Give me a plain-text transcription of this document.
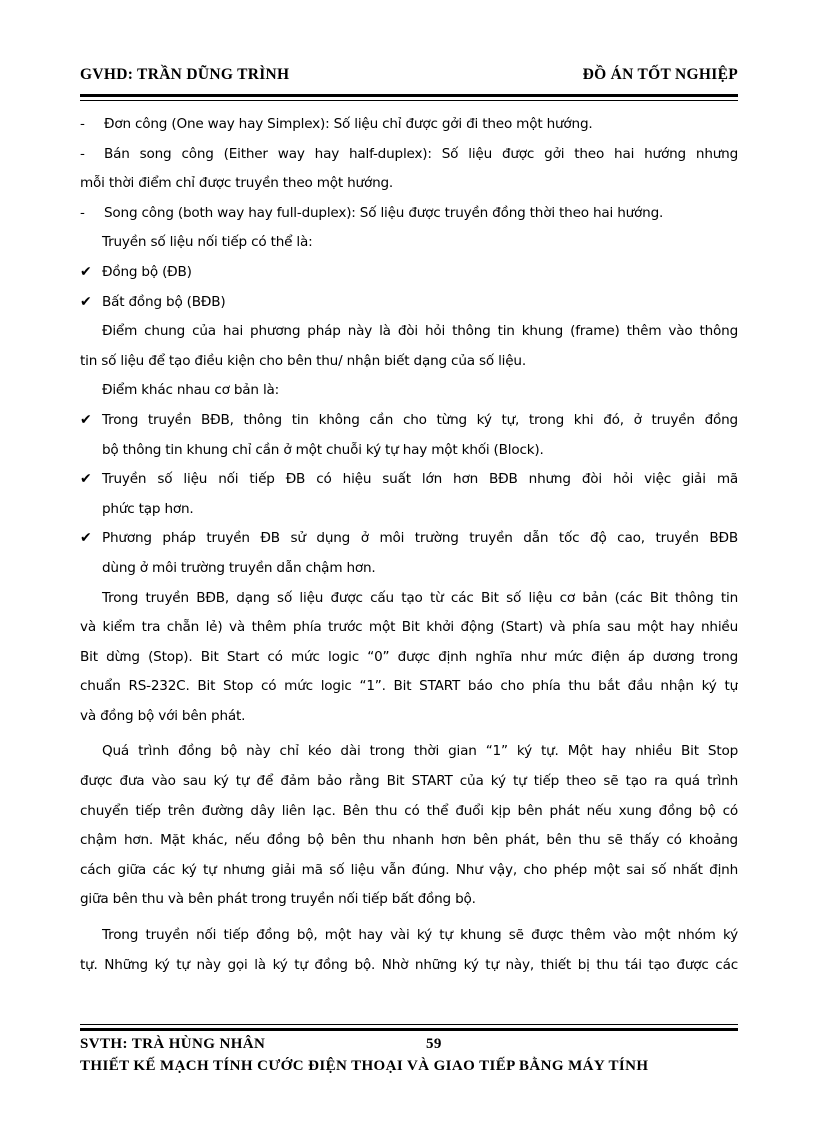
GVHD: TRẦN DŨNG TRÌNH	ĐỒ ÁN TỐT NGHIỆP
- Đơn công (One way hay Simplex): Số liệu chỉ được gởi đi theo một hướng.
- Bán song công (Either way hay half-duplex): Số liệu được gởi theo hai hướng nhưng
mỗi thời điểm chỉ được truyền theo một hướng.
- Song công (both way hay full-duplex): Số liệu được truyền đồng thời theo hai hướng.
Truyền số liệu nối tiếp có thể là:
✔ Đồng bộ (ĐB)
✔ Bất đồng bộ (BĐB)
Điểm chung của hai phương pháp này là đòi hỏi thông tin khung (frame) thêm vào thông
tin số liệu để tạo điều kiện cho bên thu/ nhận biết dạng của số liệu.
Điểm khác nhau cơ bản là:
✔ Trong truyền BĐB, thông tin không cần cho từng ký tự, trong khi đó, ở truyền đồng
bộ thông tin khung chỉ cần ở một chuỗi ký tự hay một khối (Block).
✔ Truyền số liệu nối tiếp ĐB có hiệu suất lớn hơn BĐB nhưng đòi hỏi việc giải mã
phức tạp hơn.
✔ Phương pháp truyền ĐB sử dụng ở môi trường truyền dẫn tốc độ cao, truyền BĐB
dùng ở môi trường truyền dẫn chậm hơn.
Trong truyền BĐB, dạng số liệu được cấu tạo từ các Bit số liệu cơ bản (các Bit thông tin
và kiểm tra chẵn lẻ) và thêm phía trước một Bit khởi động (Start) và phía sau một hay nhiều
Bit dừng (Stop). Bit Start có mức logic “0” được định nghĩa như mức điện áp dương trong
chuẩn RS-232C. Bit Stop có mức logic “1”. Bit START báo cho phía thu bắt đầu nhận ký tự
và đồng bộ với bên phát.
Quá trình đồng bộ này chỉ kéo dài trong thời gian “1” ký tự. Một hay nhiều Bit Stop
được đưa vào sau ký tự để đảm bảo rằng Bit START của ký tự tiếp theo sẽ tạo ra quá trình
chuyển tiếp trên đường dây liên lạc. Bên thu có thể đuổi kịp bên phát nếu xung đồng bộ có
chậm hơn. Mặt khác, nếu đồng bộ bên thu nhanh hơn bên phát, bên thu sẽ thấy có khoảng
cách giữa các ký tự nhưng giải mã số liệu vẫn đúng. Như vậy, cho phép một sai số nhất định
giữa bên thu và bên phát trong truyền nối tiếp bất đồng bộ.
Trong truyền nối tiếp đồng bộ, một hay vài ký tự khung sẽ được thêm vào một nhóm ký
tự. Những ký tự này gọi là ký tự đồng bộ. Nhờ những ký tự này, thiết bị thu tái tạo được các
SVTH: TRÀ HÙNG NHÂN	59
THIẾT KẾ MẠCH TÍNH CƯỚC ĐIỆN THOẠI VÀ GIAO TIẾP BẰNG MÁY TÍNH
